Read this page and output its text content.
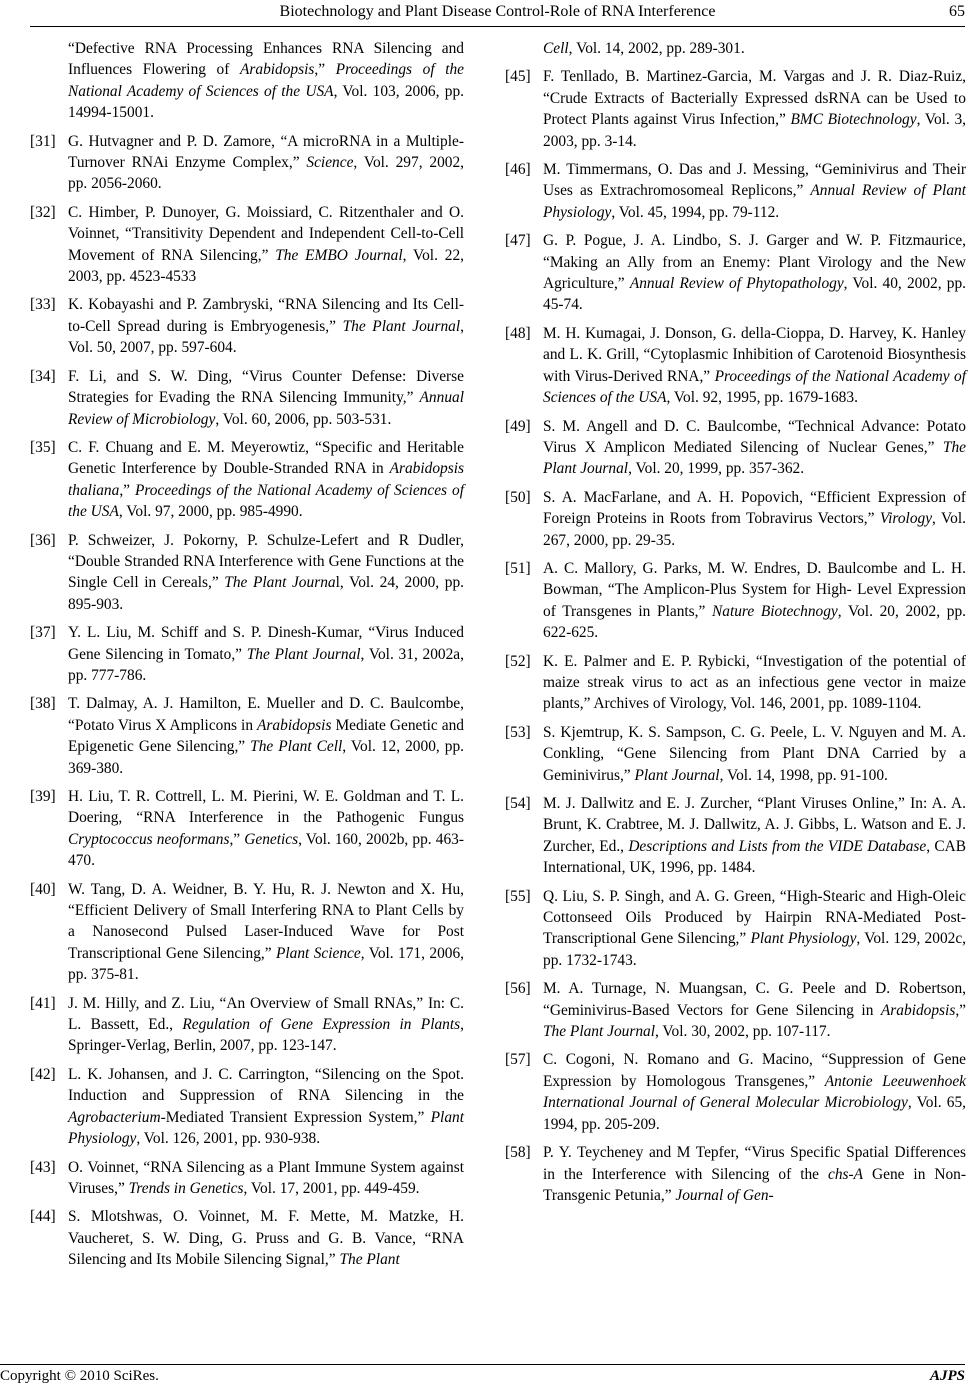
Biotechnology and Plant Disease Control-Role of RNA Interference	65
“Defective RNA Processing Enhances RNA Silencing and Influences Flowering of Arabidopsis,” Proceedings of the National Academy of Sciences of the USA, Vol. 103, 2006, pp. 14994-15001.
[31] G. Hutvagner and P. D. Zamore, “A microRNA in a Multiple-Turnover RNAi Enzyme Complex,” Science, Vol. 297, 2002, pp. 2056-2060.
[32] C. Himber, P. Dunoyer, G. Moissiard, C. Ritzenthaler and O. Voinnet, “Transitivity Dependent and Independent Cell-to-Cell Movement of RNA Silencing,” The EMBO Journal, Vol. 22, 2003, pp. 4523-4533
[33] K. Kobayashi and P. Zambryski, “RNA Silencing and Its Cell-to-Cell Spread during is Embryogenesis,” The Plant Journal, Vol. 50, 2007, pp. 597-604.
[34] F. Li, and S. W. Ding, “Virus Counter Defense: Diverse Strategies for Evading the RNA Silencing Immunity,” Annual Review of Microbiology, Vol. 60, 2006, pp. 503-531.
[35] C. F. Chuang and E. M. Meyerowtiz, “Specific and Heritable Genetic Interference by Double-Stranded RNA in Arabidopsis thaliana,” Proceedings of the National Academy of Sciences of the USA, Vol. 97, 2000, pp. 985-4990.
[36] P. Schweizer, J. Pokorny, P. Schulze-Lefert and R Dudler, “Double Stranded RNA Interference with Gene Functions at the Single Cell in Cereals,” The Plant Journal, Vol. 24, 2000, pp. 895-903.
[37] Y. L. Liu, M. Schiff and S. P. Dinesh-Kumar, “Virus Induced Gene Silencing in Tomato,” The Plant Journal, Vol. 31, 2002a, pp. 777-786.
[38] T. Dalmay, A. J. Hamilton, E. Mueller and D. C. Baulcombe, “Potato Virus X Amplicons in Arabidopsis Mediate Genetic and Epigenetic Gene Silencing,” The Plant Cell, Vol. 12, 2000, pp. 369-380.
[39] H. Liu, T. R. Cottrell, L. M. Pierini, W. E. Goldman and T. L. Doering, “RNA Interference in the Pathogenic Fungus Cryptococcus neoformans,” Genetics, Vol. 160, 2002b, pp. 463-470.
[40] W. Tang, D. A. Weidner, B. Y. Hu, R. J. Newton and X. Hu, “Efficient Delivery of Small Interfering RNA to Plant Cells by a Nanosecond Pulsed Laser-Induced Wave for Post Transcriptional Gene Silencing,” Plant Science, Vol. 171, 2006, pp. 375-81.
[41] J. M. Hilly, and Z. Liu, “An Overview of Small RNAs,” In: C. L. Bassett, Ed., Regulation of Gene Expression in Plants, Springer-Verlag, Berlin, 2007, pp. 123-147.
[42] L. K. Johansen, and J. C. Carrington, “Silencing on the Spot. Induction and Suppression of RNA Silencing in the Agrobacterium-Mediated Transient Expression System,” Plant Physiology, Vol. 126, 2001, pp. 930-938.
[43] O. Voinnet, “RNA Silencing as a Plant Immune System against Viruses,” Trends in Genetics, Vol. 17, 2001, pp. 449-459.
[44] S. Mlotshwas, O. Voinnet, M. F. Mette, M. Matzke, H. Vaucheret, S. W. Ding, G. Pruss and G. B. Vance, “RNA Silencing and Its Mobile Silencing Signal,” The Plant
Cell, Vol. 14, 2002, pp. 289-301.
[45] F. Tenllado, B. Martinez-Garcia, M. Vargas and J. R. Diaz-Ruiz, “Crude Extracts of Bacterially Expressed dsRNA can be Used to Protect Plants against Virus Infection,” BMC Biotechnology, Vol. 3, 2003, pp. 3-14.
[46] M. Timmermans, O. Das and J. Messing, “Geminivirus and Their Uses as Extrachromosomeal Replicons,” Annual Review of Plant Physiology, Vol. 45, 1994, pp. 79-112.
[47] G. P. Pogue, J. A. Lindbo, S. J. Garger and W. P. Fitzmaurice, “Making an Ally from an Enemy: Plant Virology and the New Agriculture,” Annual Review of Phytopathology, Vol. 40, 2002, pp. 45-74.
[48] M. H. Kumagai, J. Donson, G. della-Cioppa, D. Harvey, K. Hanley and L. K. Grill, “Cytoplasmic Inhibition of Carotenoid Biosynthesis with Virus-Derived RNA,” Proceedings of the National Academy of Sciences of the USA, Vol. 92, 1995, pp. 1679-1683.
[49] S. M. Angell and D. C. Baulcombe, “Technical Advance: Potato Virus X Amplicon Mediated Silencing of Nuclear Genes,” The Plant Journal, Vol. 20, 1999, pp. 357-362.
[50] S. A. MacFarlane, and A. H. Popovich, “Efficient Expression of Foreign Proteins in Roots from Tobravirus Vectors,” Virology, Vol. 267, 2000, pp. 29-35.
[51] A. C. Mallory, G. Parks, M. W. Endres, D. Baulcombe and L. H. Bowman, “The Amplicon-Plus System for High- Level Expression of Transgenes in Plants,” Nature Biotechnogy, Vol. 20, 2002, pp. 622-625.
[52] K. E. Palmer and E. P. Rybicki, “Investigation of the potential of maize streak virus to act as an infectious gene vector in maize plants,” Archives of Virology, Vol. 146, 2001, pp. 1089-1104.
[53] S. Kjemtrup, K. S. Sampson, C. G. Peele, L. V. Nguyen and M. A. Conkling, “Gene Silencing from Plant DNA Carried by a Geminivirus,” Plant Journal, Vol. 14, 1998, pp. 91-100.
[54] M. J. Dallwitz and E. J. Zurcher, “Plant Viruses Online,” In: A. A. Brunt, K. Crabtree, M. J. Dallwitz, A. J. Gibbs, L. Watson and E. J. Zurcher, Ed., Descriptions and Lists from the VIDE Database, CAB International, UK, 1996, pp. 1484.
[55] Q. Liu, S. P. Singh, and A. G. Green, “High-Stearic and High-Oleic Cottonseed Oils Produced by Hairpin RNA-Mediated Post-Transcriptional Gene Silencing,” Plant Physiology, Vol. 129, 2002c, pp. 1732-1743.
[56] M. A. Turnage, N. Muangsan, C. G. Peele and D. Robertson, “Geminivirus-Based Vectors for Gene Silencing in Arabidopsis,” The Plant Journal, Vol. 30, 2002, pp. 107-117.
[57] C. Cogoni, N. Romano and G. Macino, “Suppression of Gene Expression by Homologous Transgenes,” Antonie Leeuwenhoek International Journal of General Molecular Microbiology, Vol. 65, 1994, pp. 205-209.
[58] P. Y. Teycheney and M Tepfer, “Virus Specific Spatial Differences in the Interference with Silencing of the chs-A Gene in Non-Transgenic Petunia,” Journal of Gen-
Copyright © 2010 SciRes.	AJPS
